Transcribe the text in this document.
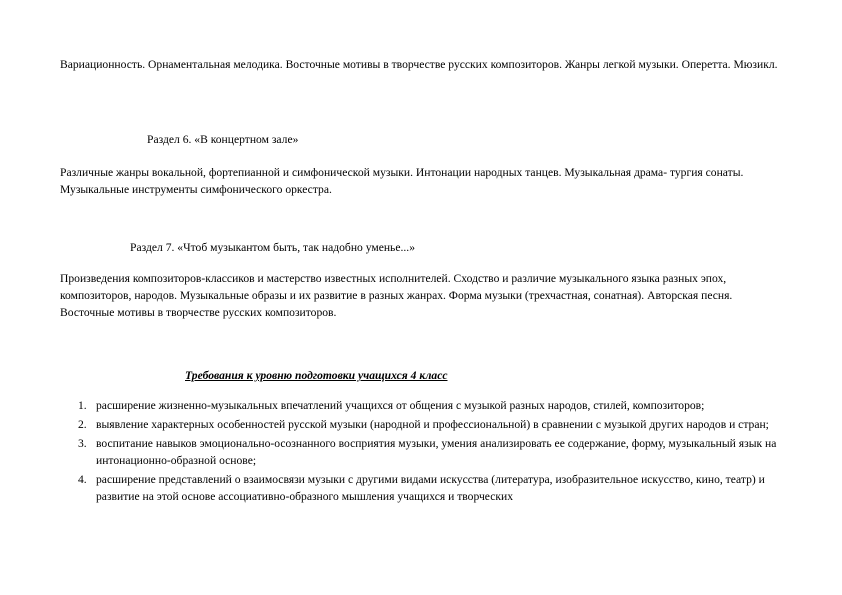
Вариационность. Орнаментальная мелодика. Восточные мотивы в творчестве русских композиторов. Жанры легкой музыки. Оперетта. Мюзикл.

Раздел 6. «В концертном зале»

Различные жанры вокальной, фортепианной и симфонической музыки. Интонации народных танцев. Музыкальная драма- тургия сонаты. Музыкальные инструменты симфонического оркестра.

Раздел 7. «Чтоб музыкантом быть, так надобно уменье...»

Произведения композиторов-классиков и мастерство известных исполнителей. Сходство и различие музыкального языка разных эпох, композиторов, народов. Музыкальные образы и их развитие в разных жанрах. Форма музыки (трехчастная, сонатная). Авторская песня. Восточные мотивы в творчестве русских композиторов.

Требования к уровню подготовки учащихся 4 класс

1. расширение жизненно-музыкальных впечатлений учащихся от общения с музыкой разных народов, стилей, композиторов;
2. выявление характерных особенностей русской музыки (народной и профессиональной) в сравнении с музыкой других народов и стран;
3. воспитание навыков эмоционально-осознанного восприятия музыки, умения анализировать ее содержание, форму, музыкальный язык на интонационно-образной основе;
4. расширение представлений о взаимосвязи музыки с другими видами искусства (литература, изобразительное искусство, кино, театр) и развитие на этой основе ассоциативно-образного мышления учащихся и творческих
